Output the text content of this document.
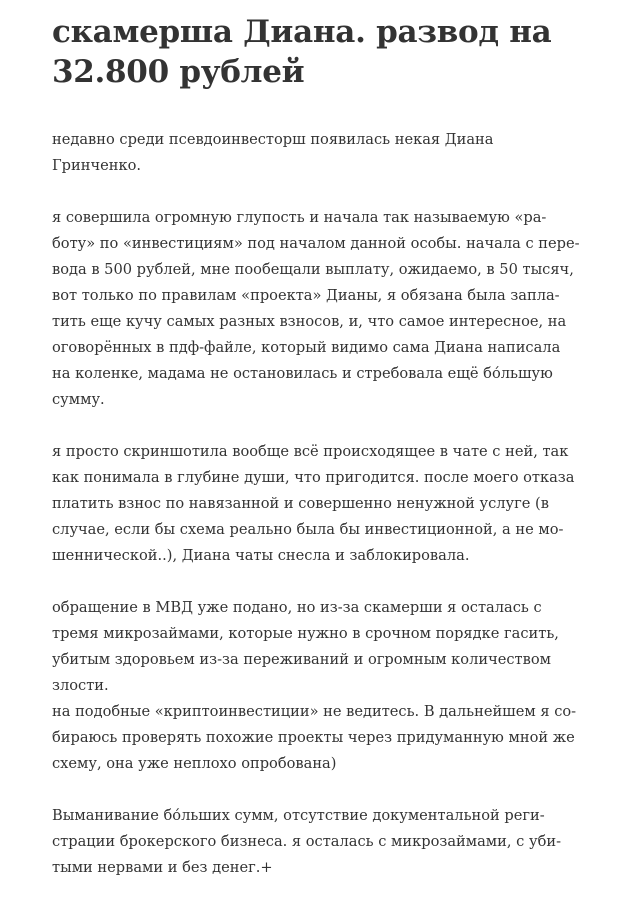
скамерша Диана. развод на
32.800 рублей

недавно среди псевдоинвесторш появилась некая Диана
Гринченко.

я совершила огромную глупость и начала так называемую «ра-
боту» по «инвестициям» под началом данной особы. начала с пере-
вода в 500 рублей, мне пообещали выплату, ожидаемо, в 50 тысяч,
вот только по правилам «проекта» Дианы, я обязана была запла-
тить еще кучу самых разных взносов, и, что самое интересное, на
оговорённых в пдф-файле, который видимо сама Диана написала
на коленке, мадама не остановилась и стребовала ещё бо́льшую
сумму.

я просто скриншотила вообще всё происходящее в чате с ней, так
как понимала в глубине души, что пригодится. после моего отказа
платить взнос по навязанной и совершенно ненужной услуге (в
случае, если бы схема реально была бы инвестиционной, а не мо-
шеннической..), Диана чаты снесла и заблокировала.

обращение в МВД уже подано, но из-за скамерши я осталась с
тремя микрозаймами, которые нужно в срочном порядке гасить,
убитым здоровьем из-за переживаний и огромным количеством
злости.
на подобные «криптоинвестиции» не ведитесь. В дальнейшем я со-
бираюсь проверять похожие проекты через придуманную мной же
схему, она уже неплохо опробована)

Выманивание бо́льших сумм, отсутствие документальной реги-
страции брокерского бизнеса. я осталась с микрозаймами, с уби-
тыми нервами и без денег.+
